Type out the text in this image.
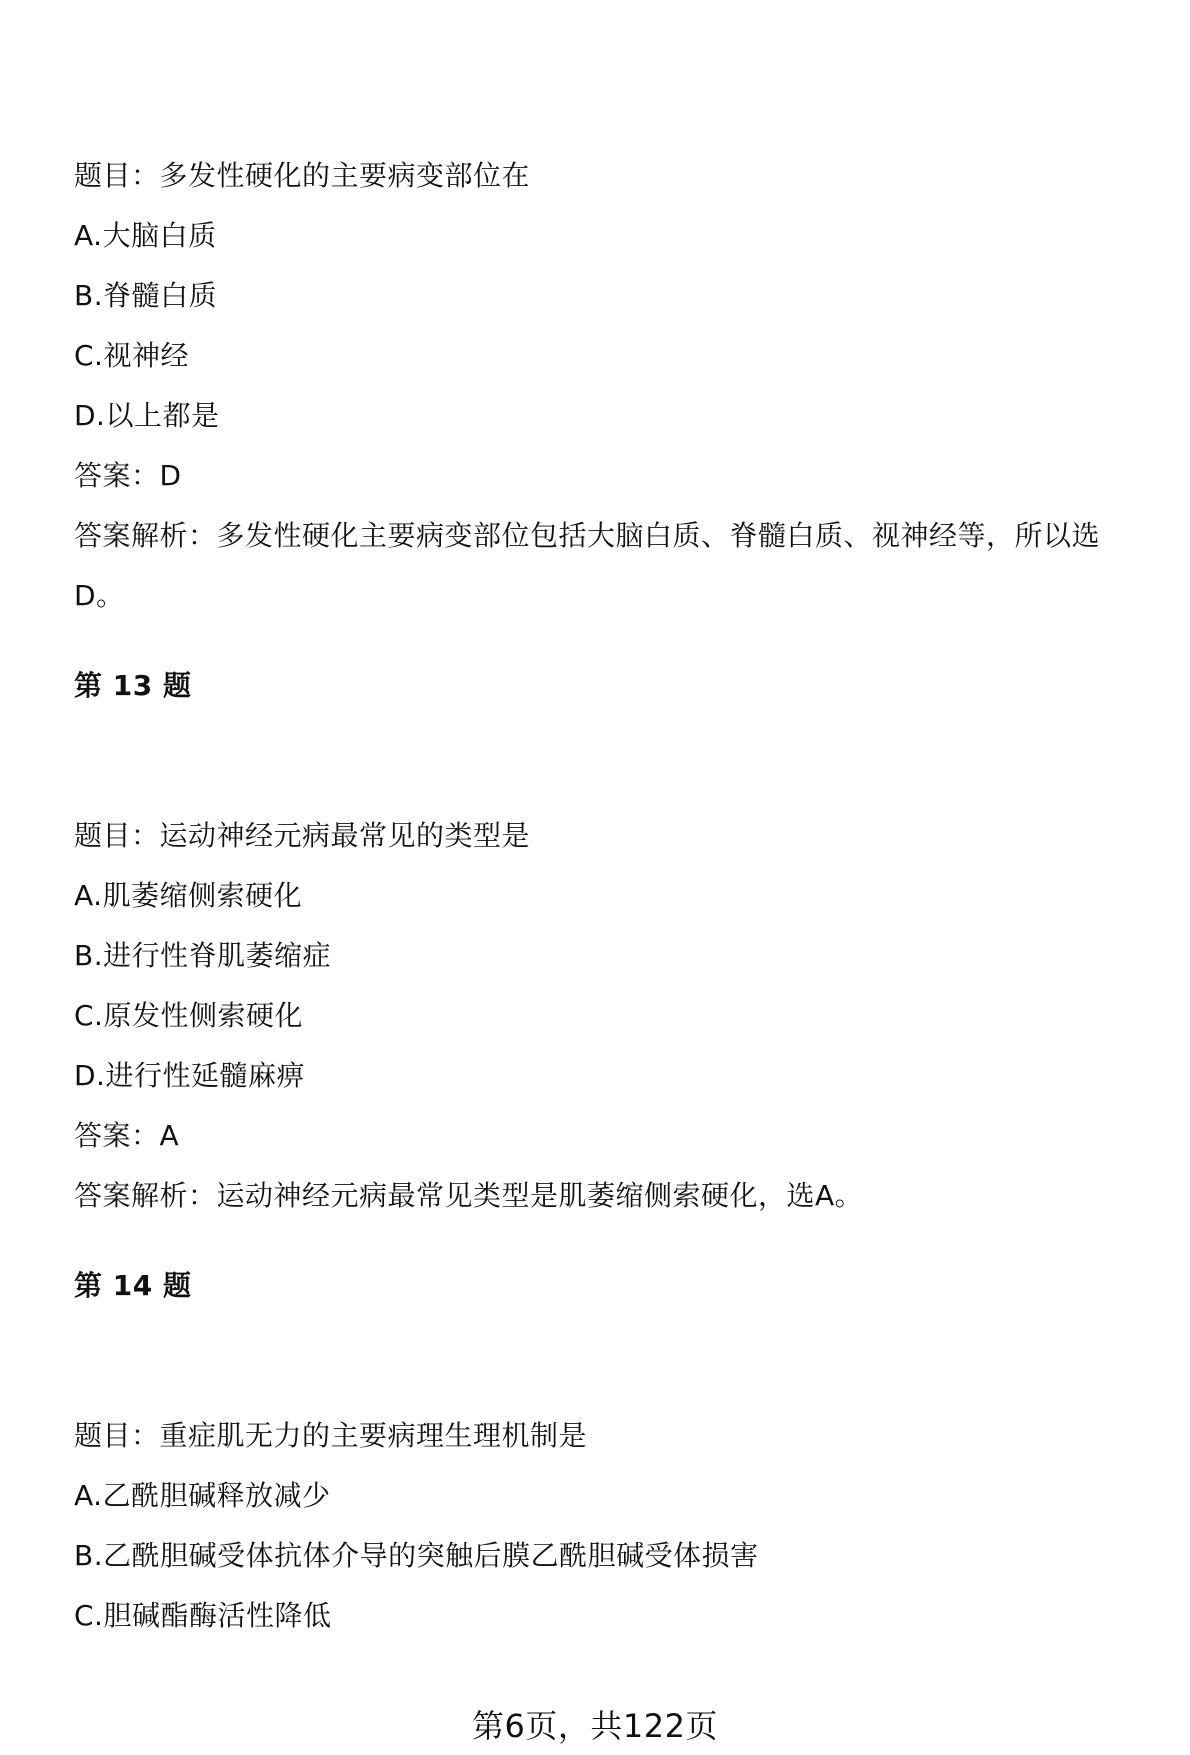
题目：多发性硬化的主要病变部位在
A.大脑白质
B.脊髓白质
C.视神经
D.以上都是
答案：D
答案解析：多发性硬化主要病变部位包括大脑白质、脊髓白质、视神经等，所以选
D。
第 13 题
题目：运动神经元病最常见的类型是
A.肌萎缩侧索硬化
B.进行性脊肌萎缩症
C.原发性侧索硬化
D.进行性延髓麻痹
答案：A
答案解析：运动神经元病最常见类型是肌萎缩侧索硬化，选A。
第 14 题
题目：重症肌无力的主要病理生理机制是
A.乙酰胆碱释放减少
B.乙酰胆碱受体抗体介导的突触后膜乙酰胆碱受体损害
C.胆碱酯酶活性降低
第6页，共122页
